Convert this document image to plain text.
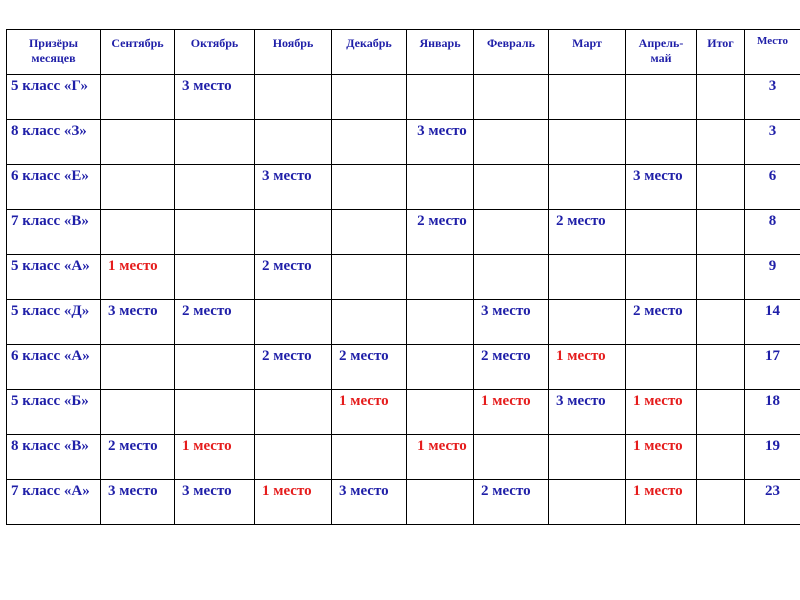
Призёры месяцев	Сентябрь	Октябрь	Ноябрь	Декабрь	Январь	Февраль	Март	Апрель-май	Итог	Место	
5 класс «Г»		3 место								3	
8 класс «З»					3 место					3	
6 класс «Е»			3 место					3 место		6	
7 класс «В»					2 место		2 место			8	
5 класс «А»	1 место		2 место							9	
5 класс «Д»	3 место	2 место				3 место		2 место		14	
6 класс «А»			2 место	2 место		2 место	1 место			17	
5 класс «Б»				1 место		1 место	3 место	1 место		18	
8 класс «В»	2 место	1 место			1 место			1 место		19	
7 класс «А»	3 место	3 место	1 место	3 место		2 место		1 место		23	
